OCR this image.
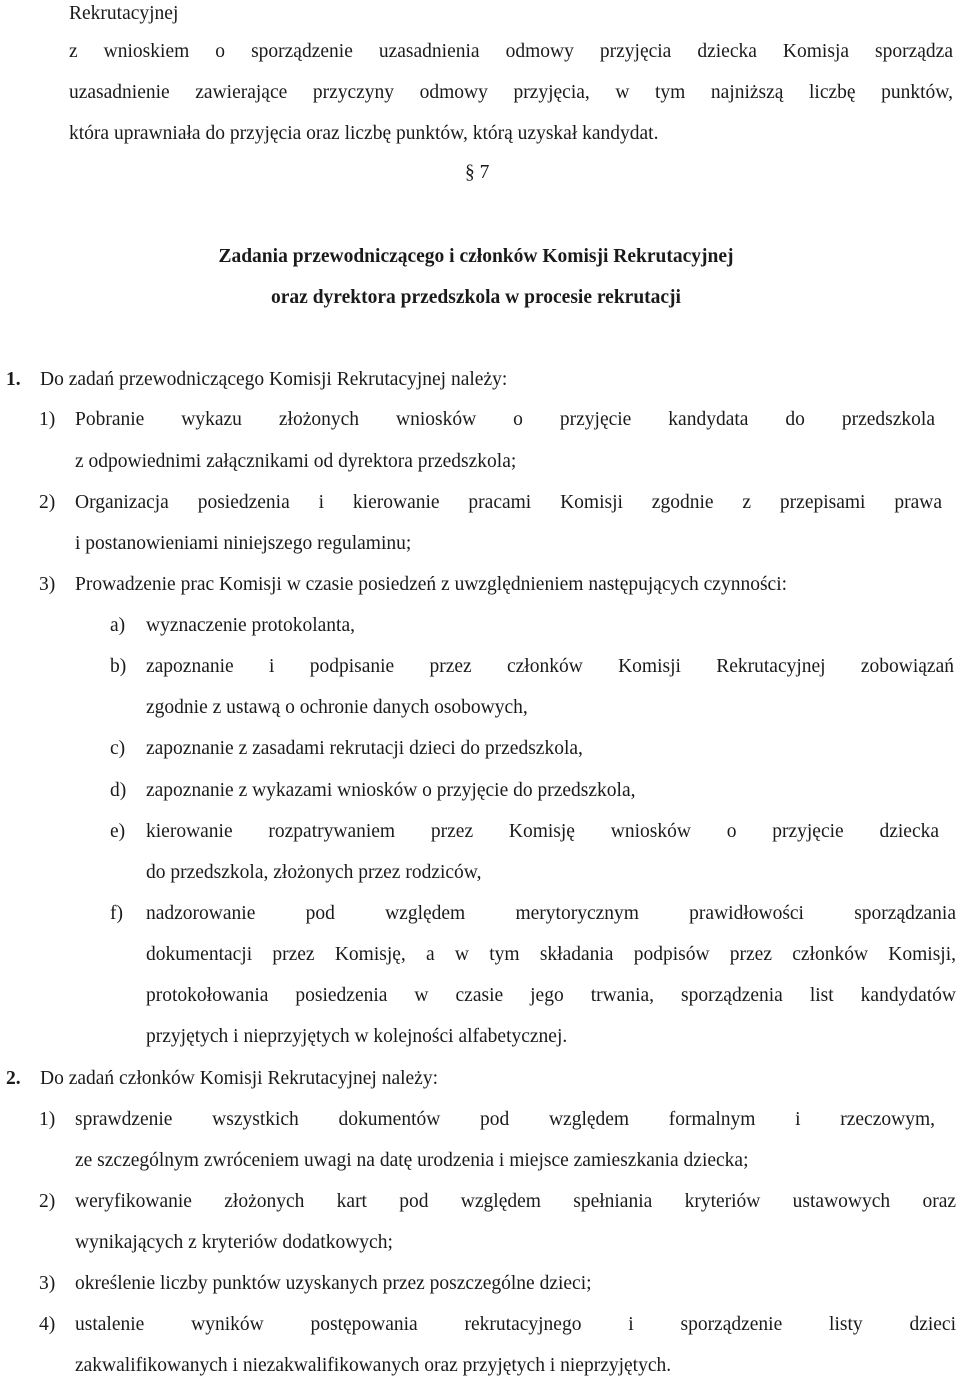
Rekrutacyjnej
z wnioskiem o sporządzenie uzasadnienia odmowy przyjęcia dziecka Komisja sporządza
uzasadnienie zawierające przyczyny odmowy przyjęcia, w tym najniższą liczbę punktów,
która uprawniała do przyjęcia oraz liczbę punktów, którą uzyskał kandydat.
§ 7
Zadania przewodniczącego i członków Komisji Rekrutacyjnej
oraz dyrektora przedszkola w procesie rekrutacji
1. Do zadań przewodniczącego Komisji Rekrutacyjnej należy:
1) Pobranie wykazu złożonych wniosków o przyjęcie kandydata do przedszkola
z odpowiednimi załącznikami od dyrektora przedszkola;
2) Organizacja posiedzenia i kierowanie pracami Komisji zgodnie z przepisami prawa
i postanowieniami niniejszego regulaminu;
3) Prowadzenie prac Komisji w czasie posiedzeń z uwzględnieniem następujących czynności:
a) wyznaczenie protokolanta,
b) zapoznanie i podpisanie przez członków Komisji Rekrutacyjnej zobowiązań
zgodnie z ustawą o ochronie danych osobowych,
c) zapoznanie z zasadami rekrutacji dzieci do przedszkola,
d) zapoznanie z wykazami wniosków o przyjęcie do przedszkola,
e) kierowanie rozpatrywaniem przez Komisję wniosków o przyjęcie dziecka
do przedszkola, złożonych przez rodziców,
f) nadzorowanie pod względem merytorycznym prawidłowości sporządzania
dokumentacji przez Komisję, a w tym składania podpisów przez członków Komisji,
protokołowania posiedzenia w czasie jego trwania, sporządzenia list kandydatów
przyjętych i nieprzyjętych w kolejności alfabetycznej.
2. Do zadań członków Komisji Rekrutacyjnej należy:
1) sprawdzenie wszystkich dokumentów pod względem formalnym i rzeczowym,
ze szczególnym zwróceniem uwagi na datę urodzenia i miejsce zamieszkania dziecka;
2) weryfikowanie złożonych kart pod względem spełniania kryteriów ustawowych oraz
wynikających z kryteriów dodatkowych;
3) określenie liczby punktów uzyskanych przez poszczególne dzieci;
4) ustalenie wyników postępowania rekrutacyjnego i sporządzenie listy dzieci
zakwalifikowanych i niezakwalifikowanych oraz przyjętych i nieprzyjętych.
